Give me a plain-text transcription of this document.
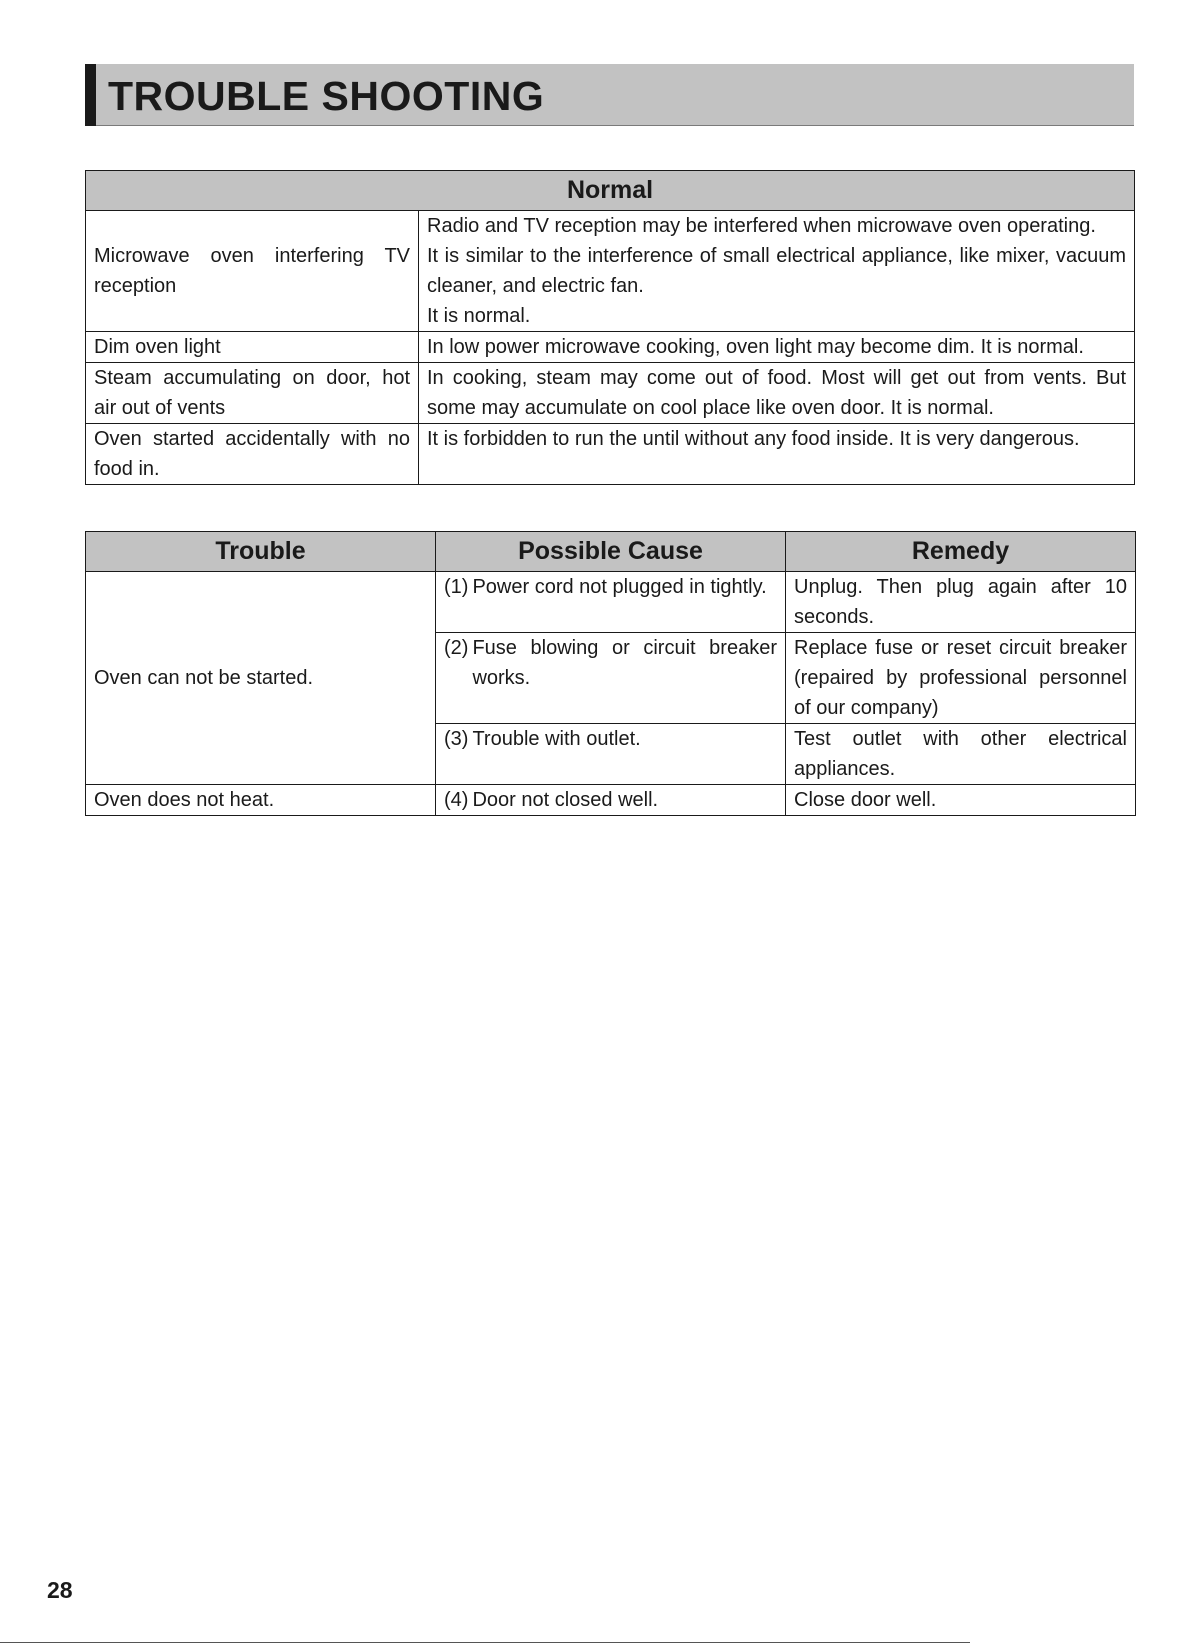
TROUBLE SHOOTING
Normal	
Microwave oven interfering TV reception	Radio and TV reception may be interfered when microwave oven operating.
It is similar to the interference of small electrical appliance, like mixer, vacuum cleaner, and electric fan.
It is normal.

Dim oven light	In low power microwave cooking, oven light may become dim. It is normal.
Steam accumulating on door, hot air out of vents	In cooking, steam may come out of food. Most will get out from vents. But some may accumulate on cool place like oven door. It is normal.
Oven started accidentally with no food in.	It is forbidden to run the until without any food inside. It is very dangerous.
Trouble	Possible Cause	Remedy
Oven can not be started.	(1) Power cord not plugged in tightly.	Unplug. Then plug again after 10 seconds.

	(2) Fuse blowing or circuit breaker works.	Replace fuse or reset circuit breaker (repaired by professional personnel of our company)

	(3) Trouble with outlet.	Test outlet with other electrical appliances.
Oven does not heat.	(4) Door not closed well.	Close door well.
28
